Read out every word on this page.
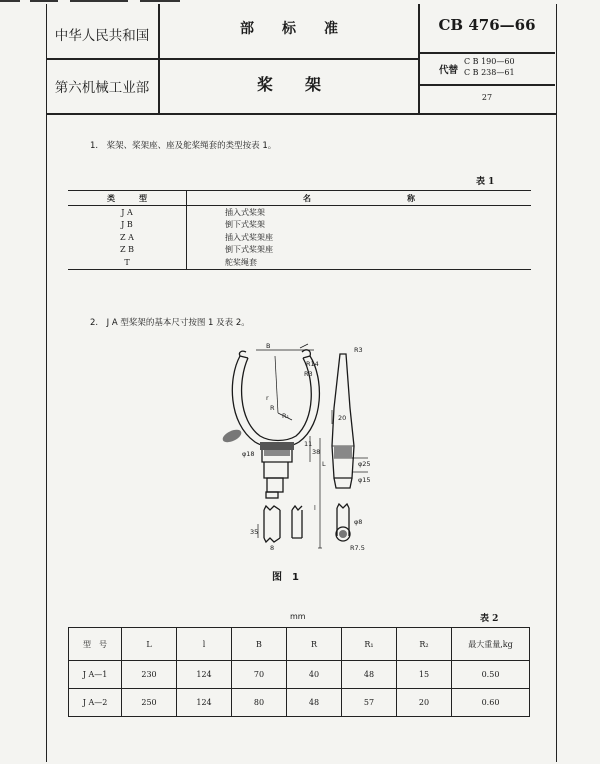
中华人民共和国
第六机械工业部
部　　标　　准
桨　　架
CB 476—66
代替
C B 190—60
C B 238—61
27
1.　桨架、桨架座、座及舵桨绳套的类型按表 1。
表 1
类　　　型	名　　　　　　　　　　　　称
J A	插入式桨架
J B	倒下式桨架
Z A	插入式桨架座
Z B	倒下式桨架座
T	舵桨绳套
2.　J A 型桨架的基本尺寸按图 1 及表 2。
B
R14
R3
r
R₁
R
φ18
11
38
L
l
35
8
R3
20
φ25
φ15
φ8
R7.5
图　1
mm	表 2
型　号	L	l	B	R	R₁	R₂	最大重量,kg
J A—1	230	124	70	40	48	15	0.50
J A—2	250	124	80	48	57	20	0.60
